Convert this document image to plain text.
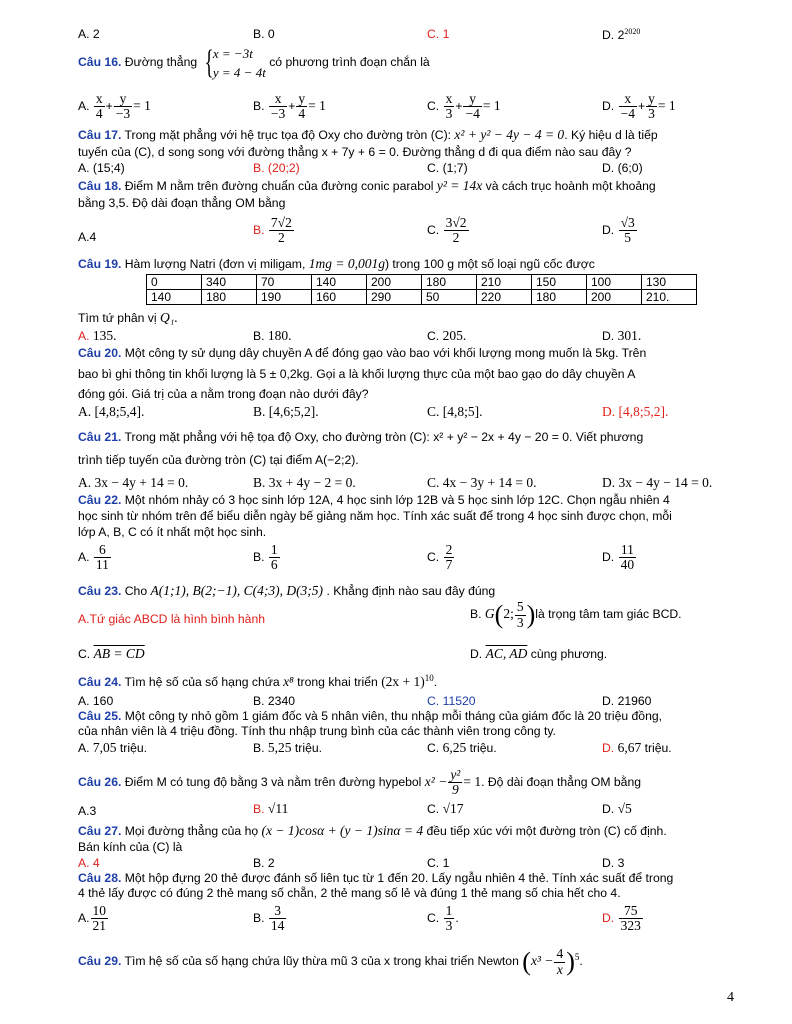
A. 2	B. 0	C. 1	D. $2^{2020}$
Câu 16. Đường thẳng { x = −3t
y = 4 − 4t
có phương trình đoạn chắn là
A. $\frac{x}{4} + \frac{y}{-3} = 1$	B. $\frac{x}{-3} + \frac{y}{4} = 1$	C. $\frac{x}{3} + \frac{y}{-4} = 1$	D. $\frac{x}{-4} + \frac{y}{3} = 1$
Câu 17. Trong mặt phẳng với hệ trục tọa độ Oxy cho đường tròn (C): x² + y² − 4y − 4 = 0. Ký hiệu d là tiếp
tuyến của (C), d song song với đường thẳng x + 7y + 6 = 0. Đường thẳng d đi qua điểm nào sau đây ?
A. (15;4)	B. (20;2)	C. (1;7)	D. (6;0)
Câu 18. Điểm M nằm trên đường chuẩn của đường conic parabol y² = 14x và cách trục hoành một khoảng
bằng 3,5. Độ dài đoạn thẳng OM bằng
A.4
B. $\frac{7√2}{2}$	C. $\frac{3√2}{2}$	D. $\frac{√3}{5}$
Câu 19. Hàm lượng Natri (đơn vị miligam, 1mg = 0,001g) trong 100 g một số loại ngũ cốc được
0	340	70	140	200	180	210	150	100	130
140	180	190	160	290	50	220	180	200	210.
Tìm tứ phân vị Q₁.
A. 135.	B. 180.	C. 205.	D. 301.
Câu 20. Một công ty sử dụng dây chuyền A để đóng gạo vào bao với khối lượng mong muốn là 5kg. Trên
bao bì ghi thông tin khối lượng là 5 ± 0,2kg. Gọi a là khối lượng thực của một bao gạo do dây chuyền A
đóng gói. Giá trị của a nằm trong đoạn nào dưới đây?
A. [4,8;5,4].	B. [4,6;5,2].	C. [4,8;5].	D. [4,8;5,2].
Câu 21. Trong mặt phẳng với hệ tọa độ Oxy, cho đường tròn (C): x² + y² − 2x + 4y − 20 = 0. Viết phương
trình tiếp tuyến của đường tròn (C) tại điểm A(−2;2).
A. 3x − 4y + 14 = 0.	B. 3x + 4y − 2 = 0.	C. 4x − 3y + 14 = 0.	D. 3x − 4y − 14 = 0.
Câu 22. Một nhóm nhảy có 3 học sinh lớp 12A, 4 học sinh lớp 12B và 5 học sinh lớp 12C. Chọn ngẫu nhiên 4
học sinh từ nhóm trên để biểu diễn ngày bế giảng năm học. Tính xác suất để trong 4 học sinh được chọn, mỗi
lớp A, B, C có ít nhất một học sinh.
A. $\frac{6}{11}$	B. $\frac{1}{6}$	C. $\frac{2}{7}$	D. $\frac{11}{40}$
Câu 23. Cho A(1;1), B(2;−1), C(4;3), D(3;5) . Khẳng định nào sau đây đúng
A.Tứ giác ABCD là hình bình hành	B. G(2; $\frac{5}{3}$ )là trọng tâm tam giác BCD.
C. AB = CD	D. AC, AD cùng phương.
Câu 24. Tìm hệ số của số hạng chứa x⁸ trong khai triển $(2x + 1)^{10}$.
A. 160	B. 2340	C. 11520	D. 21960
Câu 25. Một công ty nhỏ gồm 1 giám đốc và 5 nhân viên, thu nhập mỗi tháng của giám đốc là 20 triệu đồng,
của nhân viên là 4 triệu đồng. Tính thu nhập trung bình của các thành viên trong công ty.
A. 7,05 triệu.	B. 5,25 triệu.	C. 6,25 triệu.	D. 6,67 triệu.
Câu 26. Điểm M có tung độ bằng 3 và nằm trên đường hypebol $x^2 - \frac{\text{y²}}{9} = 1$. Độ dài đoạn thẳng OM bằng
A.3	B. √11	C. √17	D. √5
Câu 27. Mọi đường thẳng của họ (x − 1)cosα + (y − 1)sinα = 4 đều tiếp xúc với một đường tròn (C) cố định.
Bán kính của (C) là
A. 4	B. 2	C. 1	D. 3
Câu 28. Một hộp đựng 20 thẻ được đánh số liên tục từ 1 đến 20. Lấy ngẫu nhiên 4 thẻ. Tính xác suất để trong
4 thẻ lấy được có đúng 2 thẻ mang số chẵn, 2 thẻ mang số lẻ và đúng 1 thẻ mang số chia hết cho 4.
A. $\frac{10}{21}$	B. $\frac{3}{14}$	C. $\frac{1}{3}$ .	D. $\frac{75}{323}$
Câu 29. Tìm hệ số của số hạng chứa lũy thừa mũ 3 của x trong khai triển Newton $(x^3 - \frac{4}{x} )^5$.
4
